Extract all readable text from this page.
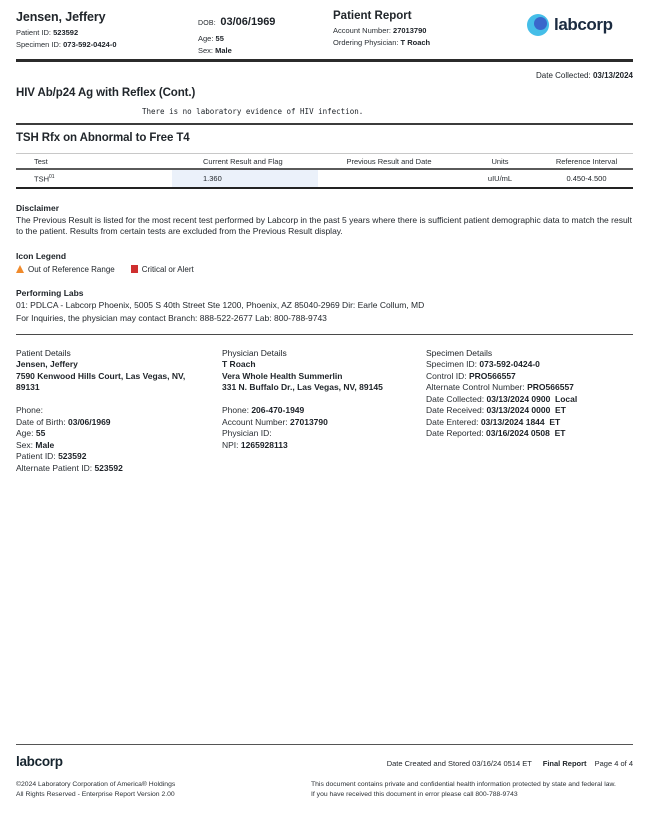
Jensen, Jeffery
Patient ID: 523592
Specimen ID: 073-592-0424-0
DOB: 03/06/1969
Age: 55
Sex: Male
Patient Report
Account Number: 27013790
Ordering Physician: T Roach
labcorp
Date Collected: 03/13/2024
HIV Ab/p24 Ag with Reflex (Cont.)
There is no laboratory evidence of HIV infection.
TSH Rfx on Abnormal to Free T4
Test	Current Result and Flag	Previous Result and Date	Units	Reference Interval
TSH$^{01}$	1.360		uIU/mL	0.450-4.500
Disclaimer
The Previous Result is listed for the most recent test performed by Labcorp in the past 5 years where there is sufficient patient demographic data to match the result to the patient. Results from certain tests are excluded from the Previous Result display.
Icon Legend
Out of Reference Range	Critical or Alert
Performing Labs
01: PDLCA - Labcorp Phoenix, 5005 S 40th Street Ste 1200, Phoenix, AZ 85040-2969 Dir: Earle Collum, MD
For Inquiries, the physician may contact Branch: 888-522-2677 Lab: 800-788-9743
Patient Details
Jensen, Jeffery
7590 Kenwood Hills Court, Las Vegas, NV,
89131
Phone:
Date of Birth: 03/06/1969
Age: 55
Sex: Male
Patient ID: 523592
Alternate Patient ID: 523592
Physician Details
T Roach
Vera Whole Health Summerlin
331 N. Buffalo Dr., Las Vegas, NV, 89145
Phone: 206-470-1949
Account Number: 27013790
Physician ID:
NPI: 1265928113
Specimen Details
Specimen ID: 073-592-0424-0
Control ID: PRO566557
Alternate Control Number: PRO566557
Date Collected: 03/13/2024 0900  Local
Date Received: 03/13/2024 0000  ET
Date Entered: 03/13/2024 1844  ET
Date Reported: 03/16/2024 0508  ET
labcorp	Date Created and Stored 03/16/24 0514 ET Final Report Page 4 of 4
©2024 Laboratory Corporation of America® Holdings
All Rights Reserved - Enterprise Report Version 2.00
This document contains private and confidential health information protected by state and federal law.
If you have received this document in error please call 800-788-9743
